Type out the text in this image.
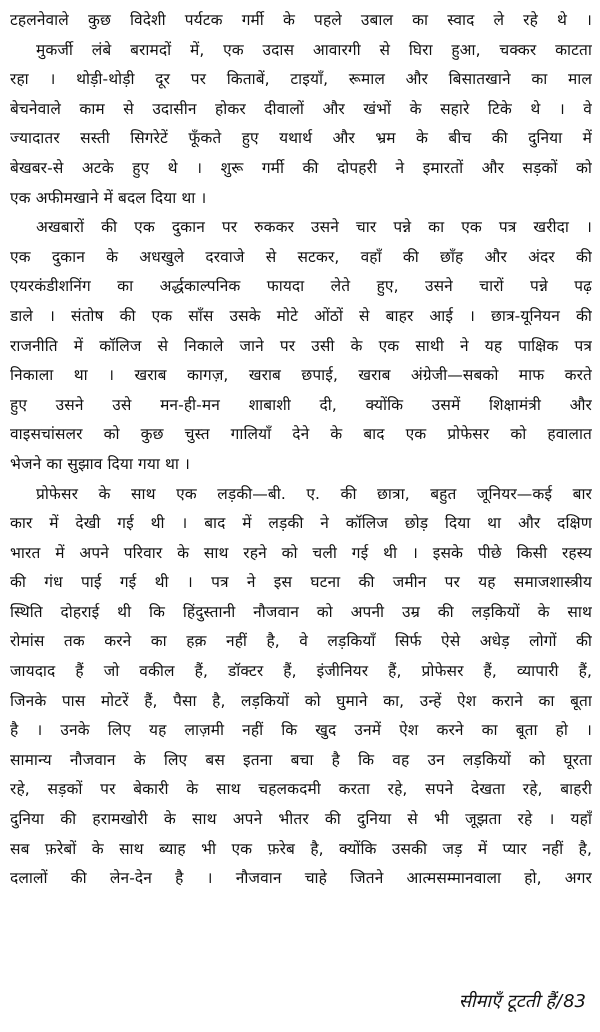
टहलनेवाले कुछ विदेशी पर्यटक गर्मी के पहले उबाल का स्वाद ले रहे थे ।
मुकर्जी लंबे बरामदों में, एक उदास आवारगी से घिरा हुआ, चक्कर काटता
रहा । थोड़ी-थोड़ी दूर पर किताबें, टाइयाँ, रूमाल और बिसातखाने का माल
बेचनेवाले काम से उदासीन होकर दीवालों और खंभों के सहारे टिके थे । वे
ज्यादातर सस्ती सिगरेटें फूँकते हुए यथार्थ और भ्रम के बीच की दुनिया में
बेखबर-से अटके हुए थे । शुरू गर्मी की दोपहरी ने इमारतों और सड़कों को
एक अफीमखाने में बदल दिया था ।
अखबारों की एक दुकान पर रुककर उसने चार पन्ने का एक पत्र खरीदा ।
एक दुकान के अधखुले दरवाजे से सटकर, वहाँ की छाँह और अंदर की
एयरकंडीशनिंग का अर्द्धकाल्पनिक फायदा लेते हुए, उसने चारों पन्ने पढ़
डाले । संतोष की एक साँस उसके मोटे ओंठों से बाहर आई । छात्र-यूनियन की
राजनीति में कॉलिज से निकाले जाने पर उसी के एक साथी ने यह पाक्षिक पत्र
निकाला था । खराब कागज़, खराब छपाई, खराब अंग्रेजी—सबको माफ करते
हुए उसने उसे मन-ही-मन शाबाशी दी, क्योंकि उसमें शिक्षामंत्री और
वाइसचांसलर को कुछ चुस्त गालियाँ देने के बाद एक प्रोफेसर को हवालात
भेजने का सुझाव दिया गया था ।
प्रोफेसर के साथ एक लड़की—बी. ए. की छात्रा, बहुत जूनियर—कई बार
कार में देखी गई थी । बाद में लड़की ने कॉलिज छोड़ दिया था और दक्षिण
भारत में अपने परिवार के साथ रहने को चली गई थी । इसके पीछे किसी रहस्य
की गंध पाई गई थी । पत्र ने इस घटना की जमीन पर यह समाजशास्त्रीय
स्थिति दोहराई थी कि हिंदुस्तानी नौजवान को अपनी उम्र की लड़कियों के साथ
रोमांस तक करने का हक़ नहीं है, वे लड़कियाँ सिर्फ ऐसे अधेड़ लोगों की
जायदाद हैं जो वकील हैं, डॉक्टर हैं, इंजीनियर हैं, प्रोफेसर हैं, व्यापारी हैं,
जिनके पास मोटरें हैं, पैसा है, लड़कियों को घुमाने का, उन्हें ऐश कराने का बूता
है । उनके लिए यह लाज़मी नहीं कि खुद उनमें ऐश करने का बूता हो ।
सामान्य नौजवान के लिए बस इतना बचा है कि वह उन लड़कियों को घूरता
रहे, सड़कों पर बेकारी के साथ चहलकदमी करता रहे, सपने देखता रहे, बाहरी
दुनिया की हरामखोरी के साथ अपने भीतर की दुनिया से भी जूझता रहे । यहाँ
सब फ़रेबों के साथ ब्याह भी एक फ़रेब है, क्योंकि उसकी जड़ में प्यार नहीं है,
दलालों की लेन-देन है । नौजवान चाहे जितने आत्मसम्मानवाला हो, अगर
सीमाएँ टूटती हैं/83
